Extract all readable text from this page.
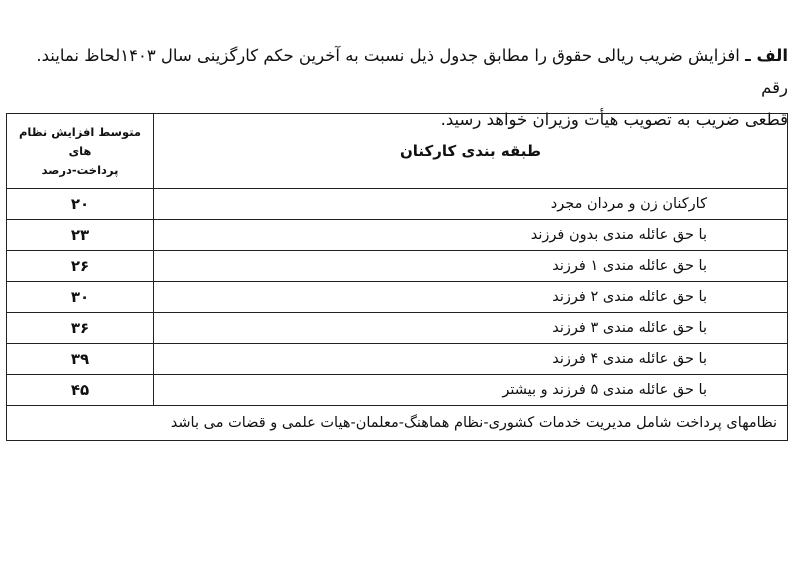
الف ـ افزایش ضریب ریالی حقوق را مطابق جدول ذیل نسبت به آخرین حکم کارگزینی سال ۱۴۰۳لحاظ نمایند. رقم
قطعی ضریب به تصویب هیأت وزیران خواهد رسید.
طبقه بندی کارکنان	متوسط افزایش نظام های
پرداخت-درصد
کارکنان زن و مردان مجرد	۲۰
با حق عائله مندی بدون فرزند	۲۳
با حق عائله مندی ۱ فرزند	۲۶
با حق عائله مندی ۲ فرزند	۳۰
با حق عائله مندی ۳ فرزند	۳۶
با حق عائله مندی ۴ فرزند	۳۹
با حق عائله مندی ۵ فرزند و بیشتر	۴۵
نظامهای پرداخت شامل مدیریت خدمات کشوری-نظام هماهنگ-معلمان-هیات علمی و قضات می باشد	
